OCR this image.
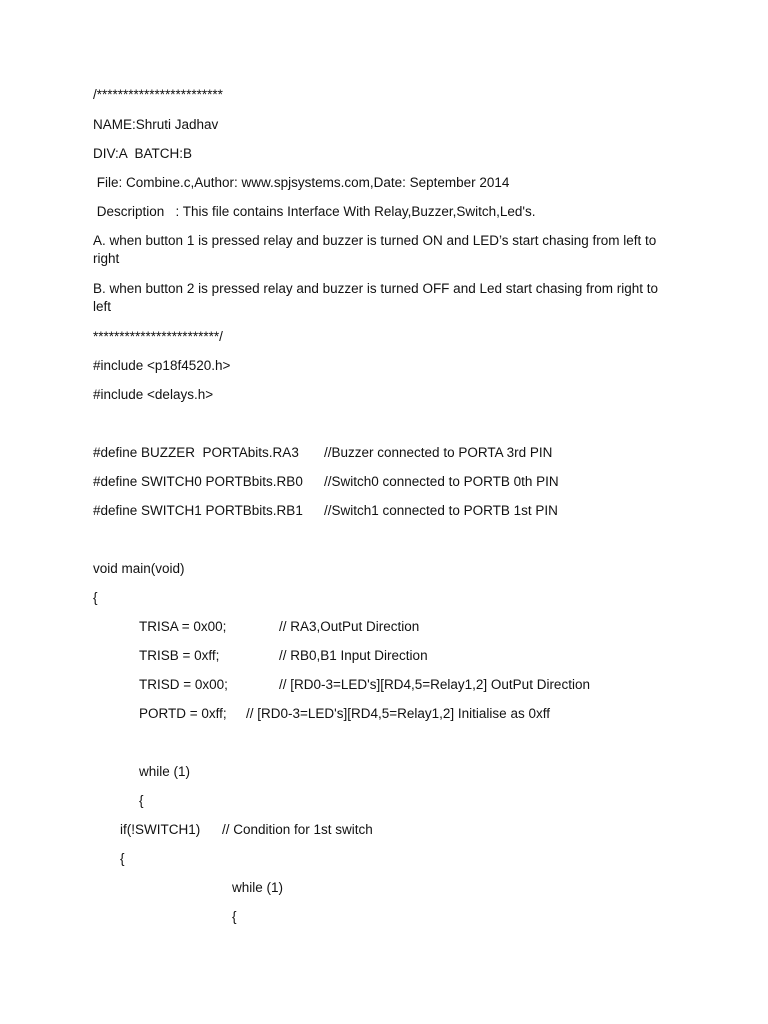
/************************
NAME:Shruti Jadhav
DIV:A  BATCH:B
File: Combine.c,Author: www.spjsystems.com,Date: September 2014
Description   : This file contains Interface With Relay,Buzzer,Switch,Led's.
A. when button 1 is pressed relay and buzzer is turned ON and LED’s start chasing from left to right
B. when button 2 is pressed relay and buzzer is turned OFF and Led start chasing from right to left
************************/
#include <p18f4520.h>
#include <delays.h>
#define BUZZER  PORTAbits.RA3 //Buzzer connected to PORTA 3rd PIN
#define SWITCH0 PORTBbits.RB0 //Switch0 connected to PORTB 0th PIN
#define SWITCH1 PORTBbits.RB1 //Switch1 connected to PORTB 1st PIN
void main(void)
{
TRISA = 0x00;	// RA3,OutPut Direction
TRISB = 0xff;	// RB0,B1 Input Direction
TRISD = 0x00;	// [RD0-3=LED's][RD4,5=Relay1,2] OutPut Direction
PORTD = 0xff; // [RD0-3=LED's][RD4,5=Relay1,2] Initialise as 0xff
while (1)
{
if(!SWITCH1) // Condition for 1st switch
{
while (1)
{
